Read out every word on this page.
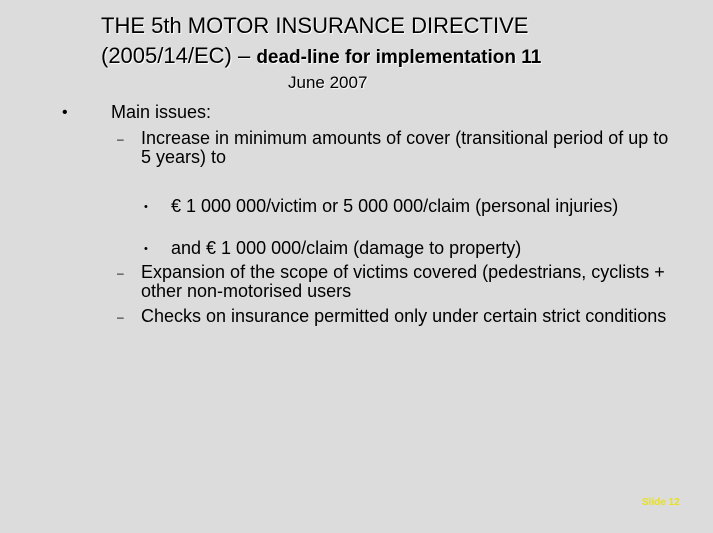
THE 5th MOTOR INSURANCE DIRECTIVE
(2005/14/EC) – dead-line for implementation 11
June 2007
• Main issues:
– Increase in minimum amounts of cover (transitional period of up to 5 years) to
• € 1 000 000/victim or 5 000 000/claim (personal injuries)
• and € 1 000 000/claim (damage to property)
– Expansion of the scope of victims covered (pedestrians, cyclists + other non-motorised users
– Checks on insurance permitted only under certain strict conditions
Slide 12
